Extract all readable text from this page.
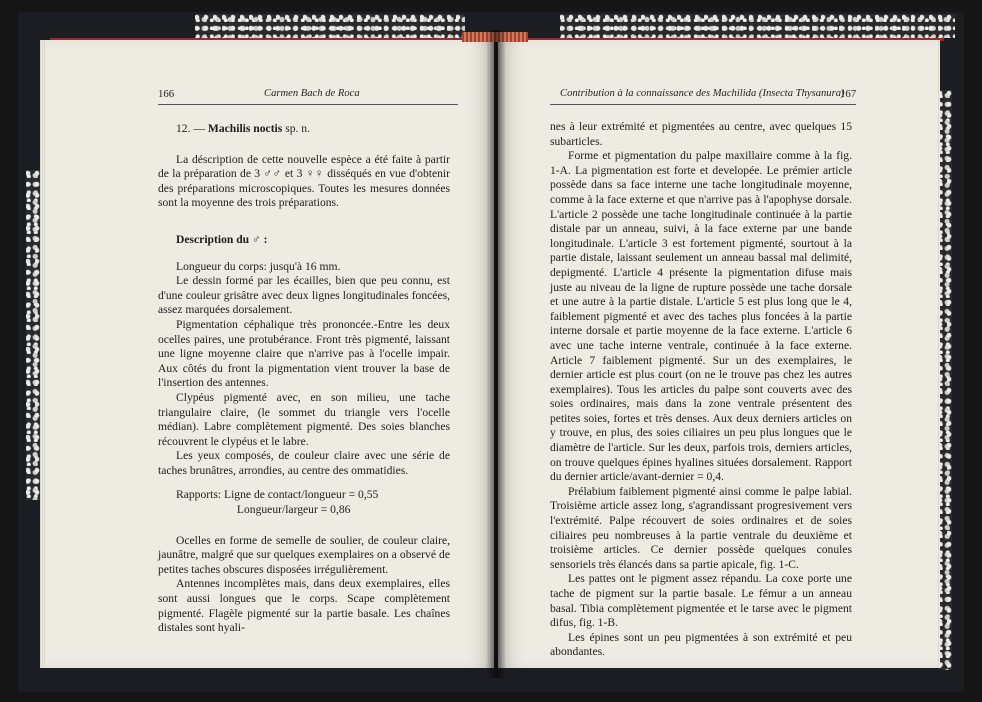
166	Carmen Bach de Roca

12. — Machilis noctis sp. n.

La déscription de cette nouvelle espèce a été faite à partir de la préparation de 3 ♂♂ et 3 ♀♀ disséqués en vue d'obtenir des préparations microscopiques. Toutes les mesures données sont la moyenne des trois préparations.

Description du ♂ :

Longueur du corps: jusqu'à 16 mm.

Le dessin formé par les écailles, bien que peu connu, est d'une couleur grisâtre avec deux lignes longitudinales foncées, assez marquées dorsalement.

Pigmentation céphalique très prononcée.-Entre les deux ocelles paires, une protubérance. Front très pigmenté, laissant une ligne moyenne claire que n'arrive pas à l'ocelle impair. Aux côtés du front la pigmentation vient trouver la base de l'insertion des antennes.

Clypéus pigmenté avec, en son milieu, une tache triangulaire claire, (le sommet du triangle vers l'ocelle médian). Labre complètement pigmenté. Des soies blanches récouvrent le clypéus et le labre.

Les yeux composés, de couleur claire avec une série de taches brunâtres, arrondies, au centre des ommatidies.

Rapports: Ligne de contact/longueur = 0,55
Longueur/largeur = 0,86

Ocelles en forme de semelle de soulier, de couleur claire, jaunâtre, malgré que sur quelques exemplaires on a observé de petites taches obscures disposées irrégulièrement.

Antennes incomplètes mais, dans deux exemplaires, elles sont aussi longues que le corps. Scape complètement pigmenté. Flagèle pigmenté sur la partie basale. Les chaînes distales sont hyali-

Contribution à la connaissance des Machilida (Insecta Thysanura)
167

nes à leur extrémité et pigmentées au centre, avec quelques 15 subarticles.

Forme et pigmentation du palpe maxillaire comme à la fig. 1-A. La pigmentation est forte et developée. Le prémier article possède dans sa face interne une tache longitudinale moyenne, comme à la face externe et que n'arrive pas à l'apophyse dorsale. L'article 2 possède une tache longitudinale continuée à la partie distale par un anneau, suivi, à la face externe par une bande longitudinale. L'article 3 est fortement pigmenté, sourtout à la partie distale, laissant seulement un anneau bassal mal delimité, depigmenté. L'article 4 présente la pigmentation difuse mais juste au niveau de la ligne de rupture possède une tache dorsale et une autre à la partie distale. L'article 5 est plus long que le 4, faiblement pigmenté et avec des taches plus foncées à la partie interne dorsale et partie moyenne de la face externe. L'article 6 avec une tache interne ventrale, continuée à la face externe. Article 7 faiblement pigmenté. Sur un des exemplaires, le dernier article est plus court (on ne le trouve pas chez les autres exemplaires). Tous les articles du palpe sont couverts avec des soies ordinaires, mais dans la zone ventrale présentent des petites soies, fortes et très denses. Aux deux derniers articles on y trouve, en plus, des soies ciliaires un peu plus longues que le diamètre de l'article. Sur les deux, parfois trois, derniers articles, on trouve quelques épines hyalines situées dorsalement. Rapport du dernier article/avant-dernier = 0,4.

Prélabium faiblement pigmenté ainsi comme le palpe labial. Troisième article assez long, s'agrandissant progresivement vers l'extrémité. Palpe récouvert de soies ordinaires et de soies ciliaires peu nombreuses à la partie ventrale du deuxième et troisième articles. Ce dernier possède quelques conules sensoriels très élancés dans sa partie apicale, fig. 1-C.

Les pattes ont le pigment assez répandu. La coxe porte une tache de pigment sur la partie basale. Le fémur a un anneau basal. Tibia complètement pigmentée et le tarse avec le pigment difus, fig. 1-B.

Les épines sont un peu pigmentées à son extrémité et peu abondantes.
